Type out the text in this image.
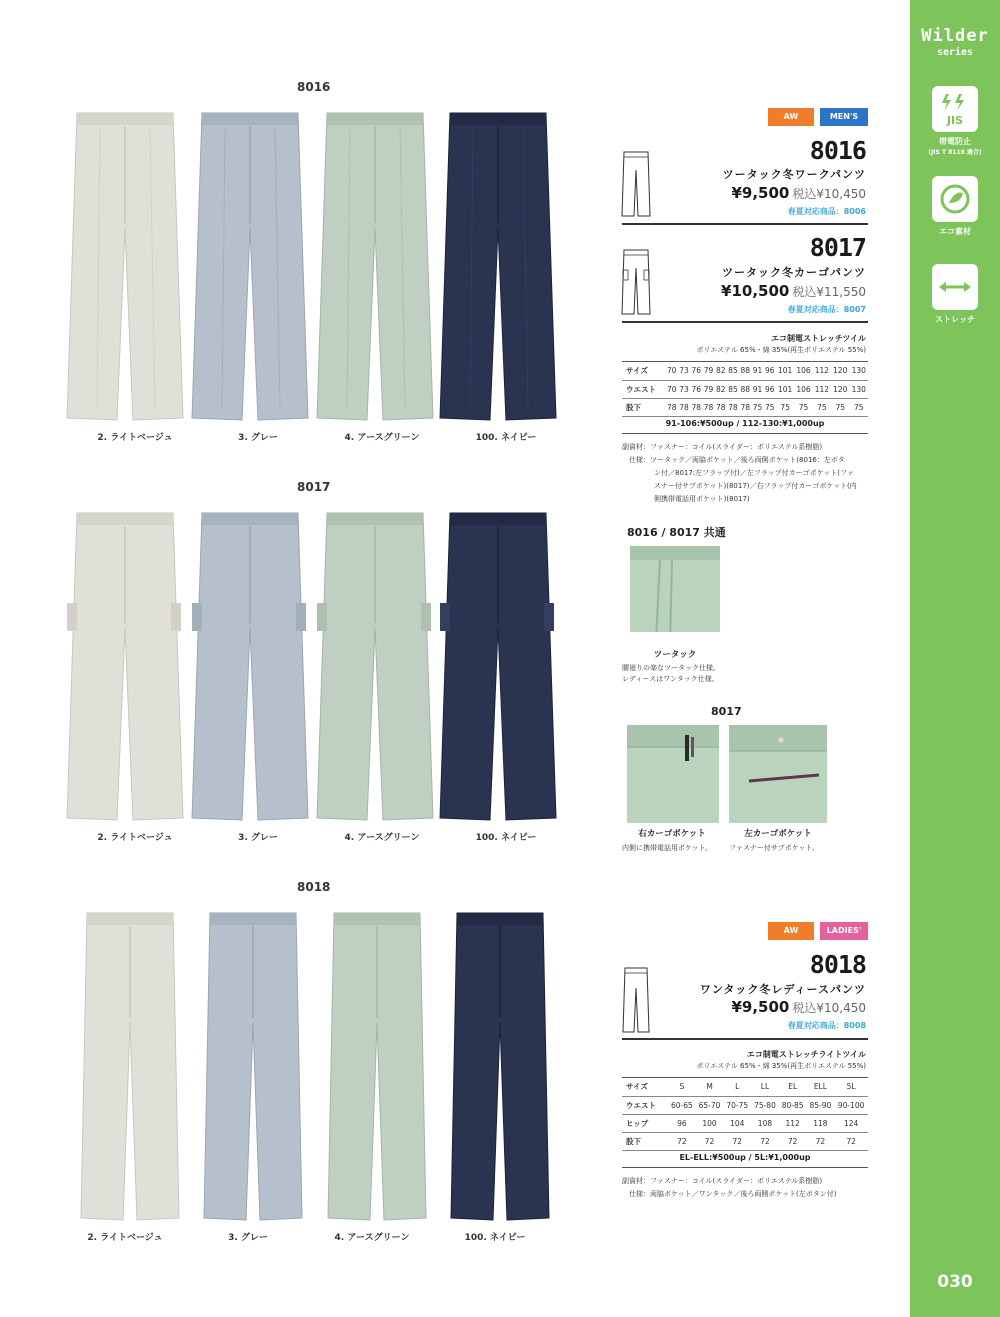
Wilder
series
JIS
帯電防止
(JIS T 8118 適合)
エコ素材
ストレッチ
030
8016
2. ライトベージュ	3. グレー	4. アースグリーン	100. ネイビー
8017
2. ライトベージュ	3. グレー	4. アースグリーン	100. ネイビー
8018
2. ライトベージュ	3. グレー	4. アースグリーン	100. ネイビー
AW	MEN'S
8016
ツータック冬ワークパンツ
¥9,500 税込¥10,450
春夏対応商品：8006
8017
ツータック冬カーゴパンツ
¥10,500 税込¥11,550
春夏対応商品：8007
エコ制電ストレッチツイル
ポリエステル 65%・綿 35%(再生ポリエステル 55%)
サイズ	70	73	76	79	82	85	88	91	96	101	106	112	120	130
ウエスト	70	73	76	79	82	85	88	91	96	101	106	112	120	130
股下	78	78	78	78	78	78	78	75	75	75	75	75	75	75
91-106:¥500up / 112-130:¥1,000up
副資材：ファスナー：コイル(スライダー：ポリエステル系樹脂)
仕様：ツータック／両脇ポケット／後ろ両側ポケット(8016：左ボタ
ン付／8017:左フラップ付)／左フラップ付カーゴポケット(ファ
スナー付サブポケット)(8017)／右フラップ付カーゴポケット(内
側携帯電話用ポケット)(8017)
8016 / 8017 共通
ツータック
腰廻りの楽なツータック仕様。
レディースはワンタック仕様。
8017
右カーゴポケット
内側に携帯電話用ポケット。
左カーゴポケット
ファスナー付サブポケット。
AW	LADIES'
8018
ワンタック冬レディースパンツ
¥9,500 税込¥10,450
春夏対応商品：8008
エコ制電ストレッチライトツイル
ポリエステル 65%・綿 35%(再生ポリエステル 55%)
サイズ	S	M	L	LL	EL	ELL	5L
ウエスト	60-65	65-70	70-75	75-80	80-85	85-90	90-100
ヒップ	96	100	104	108	112	118	124
股下	72	72	72	72	72	72	72
EL-ELL:¥500up / 5L:¥1,000up
副資材：ファスナー：コイル(スライダー：ポリエステル系樹脂)
仕様：両脇ポケット／ワンタック／後ろ両側ポケット(左ボタン付)
